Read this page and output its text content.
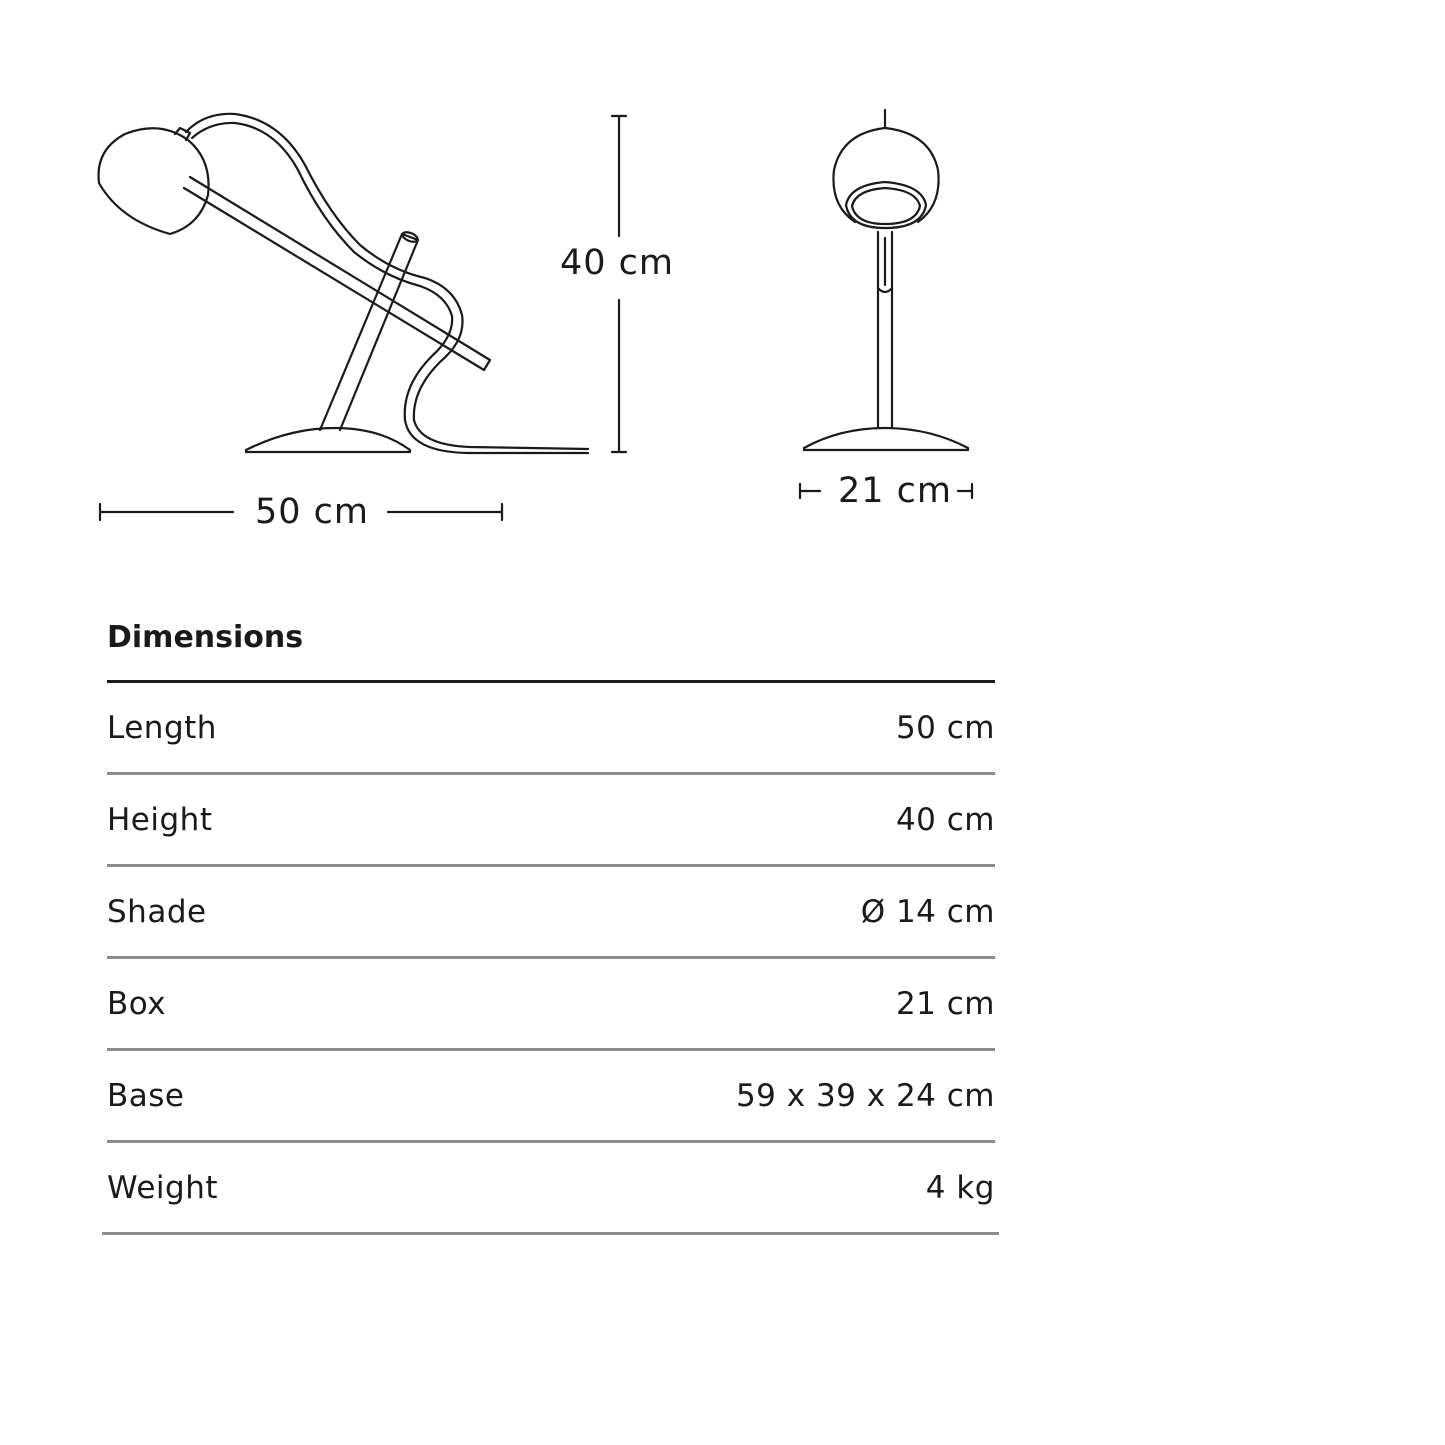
40 cm
50 cm
21 cm
Dimensions
Length	50 cm
Height	40 cm
Shade	Ø 14 cm
Box	21 cm
Base	59 x 39 x 24 cm
Weight	4 kg
